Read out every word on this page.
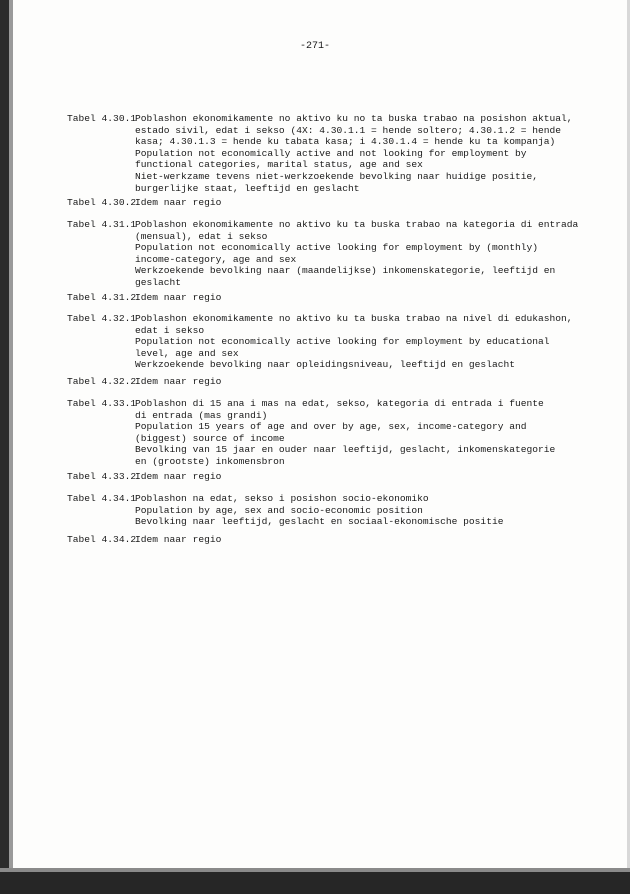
-271-
Tabel 4.30.1
Poblashon ekonomikamente no aktivo ku no ta buska trabao na posishon aktual,
estado sivil, edat i sekso (4X: 4.30.1.1 = hende soltero; 4.30.1.2 = hende
kasa; 4.30.1.3 = hende ku tabata kasa; i 4.30.1.4 = hende ku ta kompanja)
Population not economically active and not looking for employment by
functional categories, marital status, age and sex
Niet-werkzame tevens niet-werkzoekende bevolking naar huidige positie,
burgerlijke staat, leeftijd en geslacht
Tabel 4.30.2
Idem naar regio
Tabel 4.31.1
Poblashon ekonomikamente no aktivo ku ta buska trabao na kategoria di entrada
(mensual), edat i sekso
Population not economically active looking for employment by (monthly)
income-category, age and sex
Werkzoekende bevolking naar (maandelijkse) inkomenskategorie, leeftijd en
geslacht
Tabel 4.31.2
Idem naar regio
Tabel 4.32.1
Poblashon ekonomikamente no aktivo ku ta buska trabao na nivel di edukashon,
edat i sekso
Population not economically active looking for employment by educational
level, age and sex
Werkzoekende bevolking naar opleidingsniveau, leeftijd en geslacht
Tabel 4.32.2
Idem naar regio
Tabel 4.33.1
Poblashon di 15 ana i mas na edat, sekso, kategoria di entrada i fuente
di entrada (mas grandi)
Population 15 years of age and over by age, sex, income-category and
(biggest) source of income
Bevolking van 15 jaar en ouder naar leeftijd, geslacht, inkomenskategorie
en (grootste) inkomensbron
Tabel 4.33.2
Idem naar regio
Tabel 4.34.1
Poblashon na edat, sekso i posishon socio-ekonomiko
Population by age, sex and socio-economic position
Bevolking naar leeftijd, geslacht en sociaal-ekonomische positie
Tabel 4.34.2
Idem naar regio
